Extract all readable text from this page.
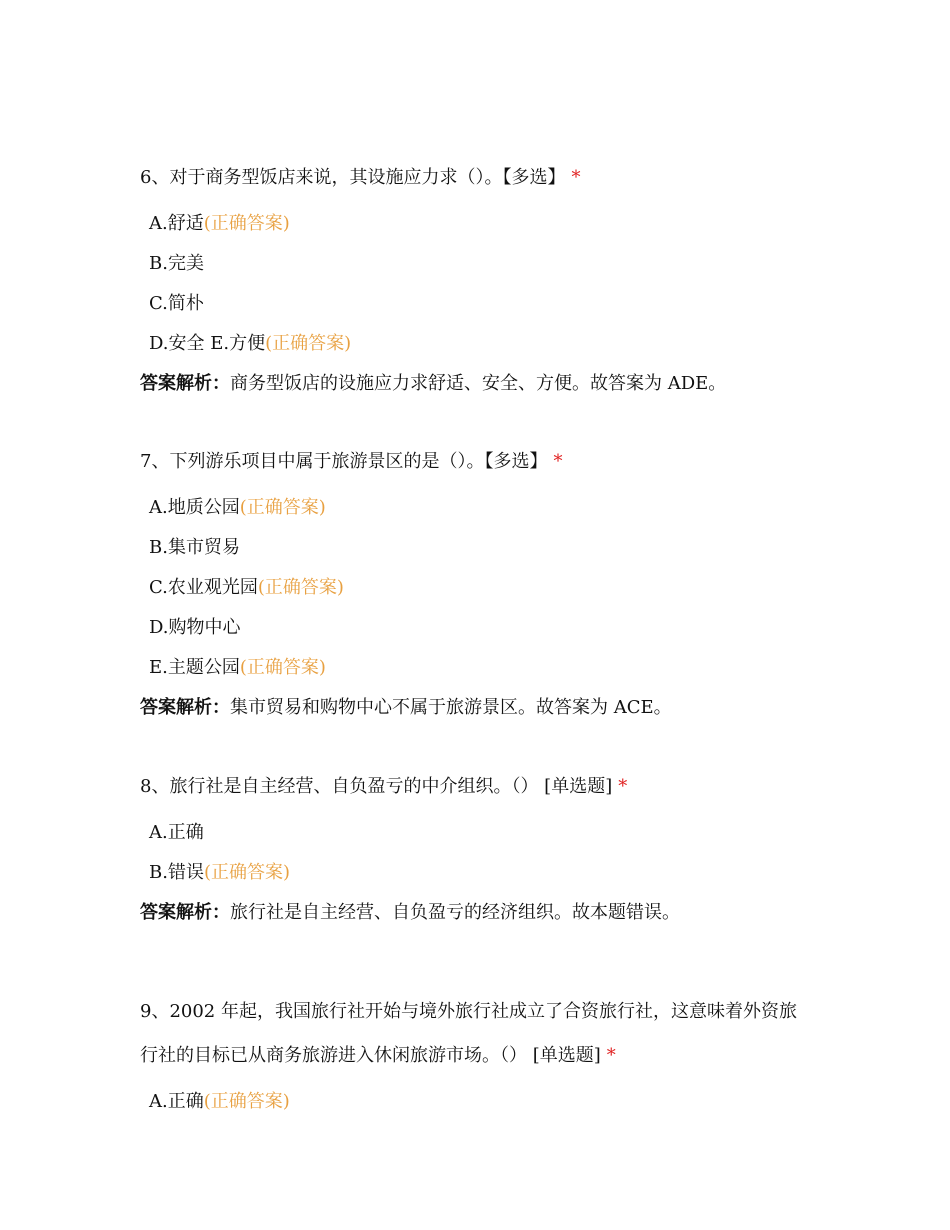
6、对于商务型饭店来说，其设施应力求（）。【多选】 *

A.舒适(正确答案)

B.完美

C.简朴

D.安全 E.方便(正确答案)

答案解析：商务型饭店的设施应力求舒适、安全、方便。故答案为 ADE。

7、下列游乐项目中属于旅游景区的是（）。【多选】 *

A.地质公园(正确答案)

B.集市贸易

C.农业观光园(正确答案)

D.购物中心

E.主题公园(正确答案)

答案解析：集市贸易和购物中心不属于旅游景区。故答案为 ACE。

8、旅行社是自主经营、自负盈亏的中介组织。（） [单选题] *

A.正确

B.错误(正确答案)

答案解析：旅行社是自主经营、自负盈亏的经济组织。故本题错误。

9、2002 年起，我国旅行社开始与境外旅行社成立了合资旅行社，这意味着外资旅

行社的目标已从商务旅游进入休闲旅游市场。（） [单选题] *

A.正确(正确答案)
